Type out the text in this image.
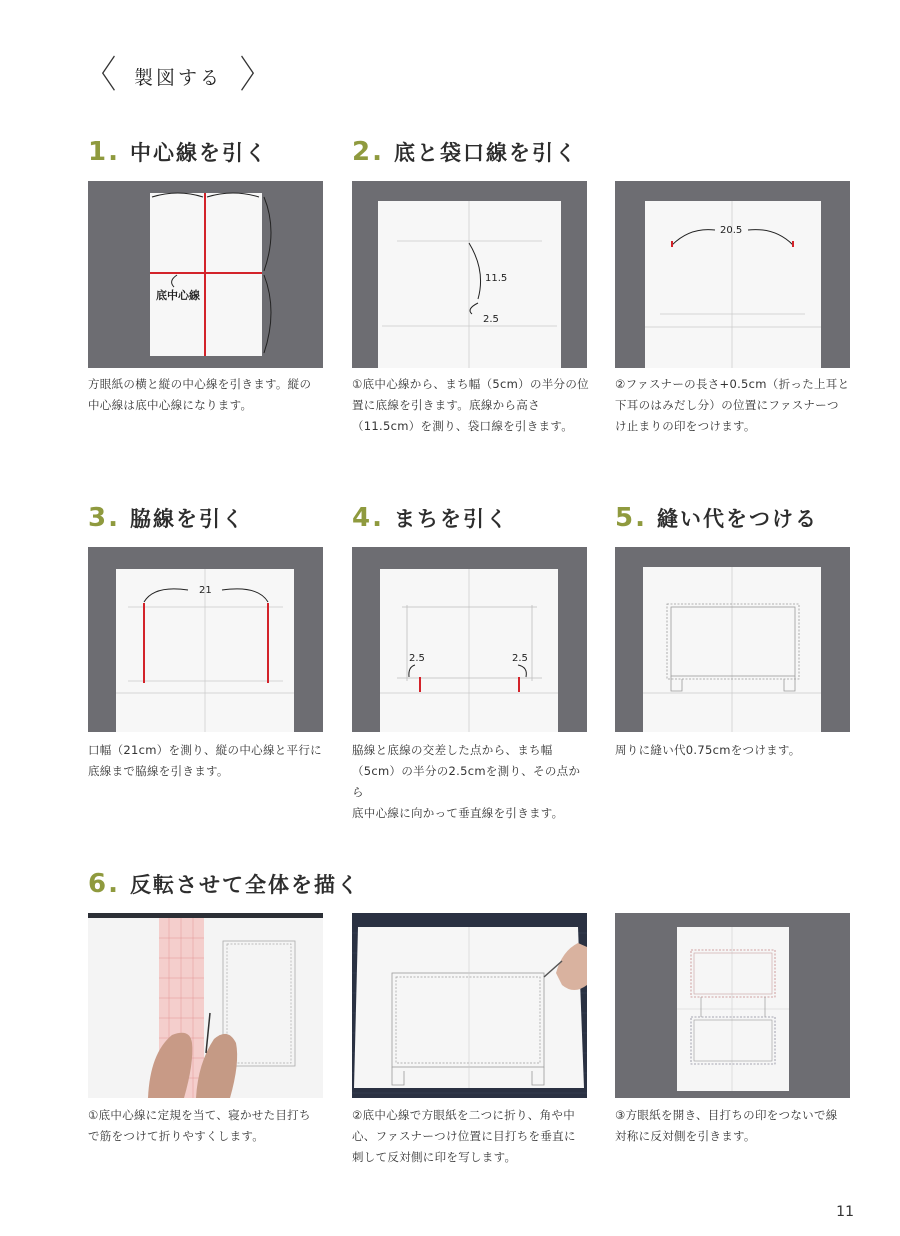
〈 製図する 〉
1. 中心線を引く	2. 底と袋口線を引く
3. 脇線を引く	4. まちを引く	5. 縫い代をつける
6. 反転させて全体を描く
底中心線
11.5
2.5
20.5
方眼紙の横と縦の中心線を引きます。縦の
中心線は底中心線になります。
①底中心線から、まち幅（5cm）の半分の位
置に底線を引きます。底線から高さ
（11.5cm）を測り、袋口線を引きます。
②ファスナーの長さ+0.5cm（折った上耳と
下耳のはみだし分）の位置にファスナーつ
け止まりの印をつけます。
21
2.5	2.5
口幅（21cm）を測り、縦の中心線と平行に
底線まで脇線を引きます。
脇線と底線の交差した点から、まち幅
（5cm）の半分の2.5cmを測り、その点から
底中心線に向かって垂直線を引きます。
周りに縫い代0.75cmをつけます。
①底中心線に定規を当て、寝かせた目打ち
で筋をつけて折りやすくします。
②底中心線で方眼紙を二つに折り、角や中
心、ファスナーつけ位置に目打ちを垂直に
刺して反対側に印を写します。
③方眼紙を開き、目打ちの印をつないで線
対称に反対側を引きます。
11
